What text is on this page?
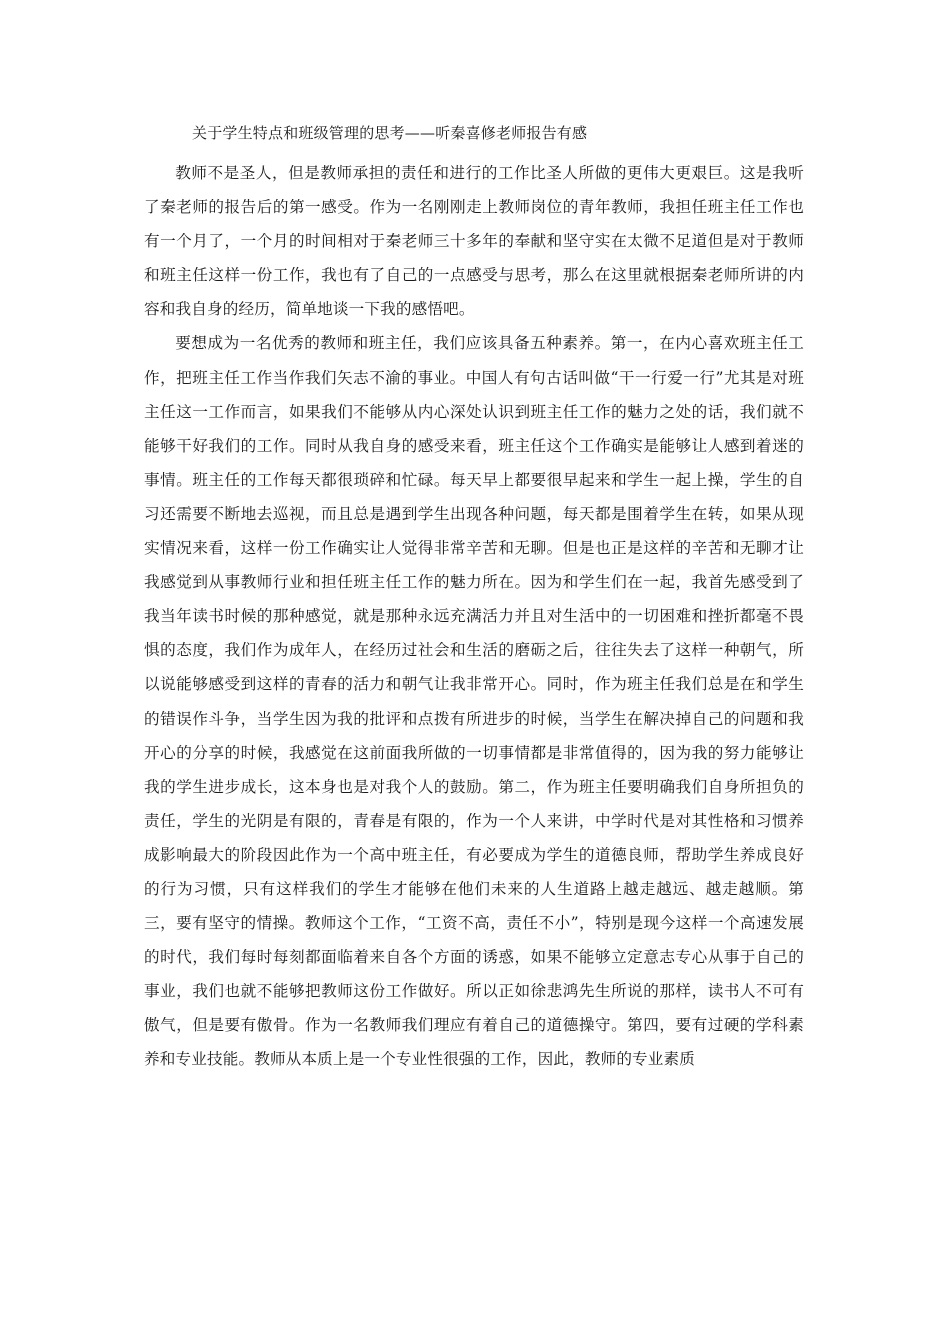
关于学生特点和班级管理的思考——听秦喜修老师报告有感

教师不是圣人，但是教师承担的责任和进行的工作比圣人所做的更伟大更艰巨。这是我听了秦老师的报告后的第一感受。作为一名刚刚走上教师岗位的青年教师，我担任班主任工作也有一个月了，一个月的时间相对于秦老师三十多年的奉献和坚守实在太微不足道但是对于教师和班主任这样一份工作，我也有了自己的一点感受与思考，那么在这里就根据秦老师所讲的内容和我自身的经历，简单地谈一下我的感悟吧。

要想成为一名优秀的教师和班主任，我们应该具备五种素养。第一，在内心喜欢班主任工作，把班主任工作当作我们矢志不渝的事业。中国人有句古话叫做“干一行爱一行”尤其是对班主任这一工作而言，如果我们不能够从内心深处认识到班主任工作的魅力之处的话，我们就不能够干好我们的工作。同时从我自身的感受来看，班主任这个工作确实是能够让人感到着迷的事情。班主任的工作每天都很琐碎和忙碌。每天早上都要很早起来和学生一起上操，学生的自习还需要不断地去巡视，而且总是遇到学生出现各种问题，每天都是围着学生在转，如果从现实情况来看，这样一份工作确实让人觉得非常辛苦和无聊。但是也正是这样的辛苦和无聊才让我感觉到从事教师行业和担任班主任工作的魅力所在。因为和学生们在一起，我首先感受到了我当年读书时候的那种感觉，就是那种永远充满活力并且对生活中的一切困难和挫折都毫不畏惧的态度，我们作为成年人，在经历过社会和生活的磨砺之后，往往失去了这样一种朝气，所以说能够感受到这样的青春的活力和朝气让我非常开心。同时，作为班主任我们总是在和学生的错误作斗争，当学生因为我的批评和点拨有所进步的时候，当学生在解决掉自己的问题和我开心的分享的时候，我感觉在这前面我所做的一切事情都是非常值得的，因为我的努力能够让我的学生进步成长，这本身也是对我个人的鼓励。第二，作为班主任要明确我们自身所担负的责任，学生的光阴是有限的，青春是有限的，作为一个人来讲，中学时代是对其性格和习惯养成影响最大的阶段因此作为一个高中班主任，有必要成为学生的道德良师，帮助学生养成良好的行为习惯，只有这样我们的学生才能够在他们未来的人生道路上越走越远、越走越顺。第三，要有坚守的情操。教师这个工作，“工资不高，责任不小”，特别是现今这样一个高速发展的时代，我们每时每刻都面临着来自各个方面的诱惑，如果不能够立定意志专心从事于自己的事业，我们也就不能够把教师这份工作做好。所以正如徐悲鸿先生所说的那样，读书人不可有傲气，但是要有傲骨。作为一名教师我们理应有着自己的道德操守。第四，要有过硬的学科素养和专业技能。教师从本质上是一个专业性很强的工作，因此，教师的专业素质
